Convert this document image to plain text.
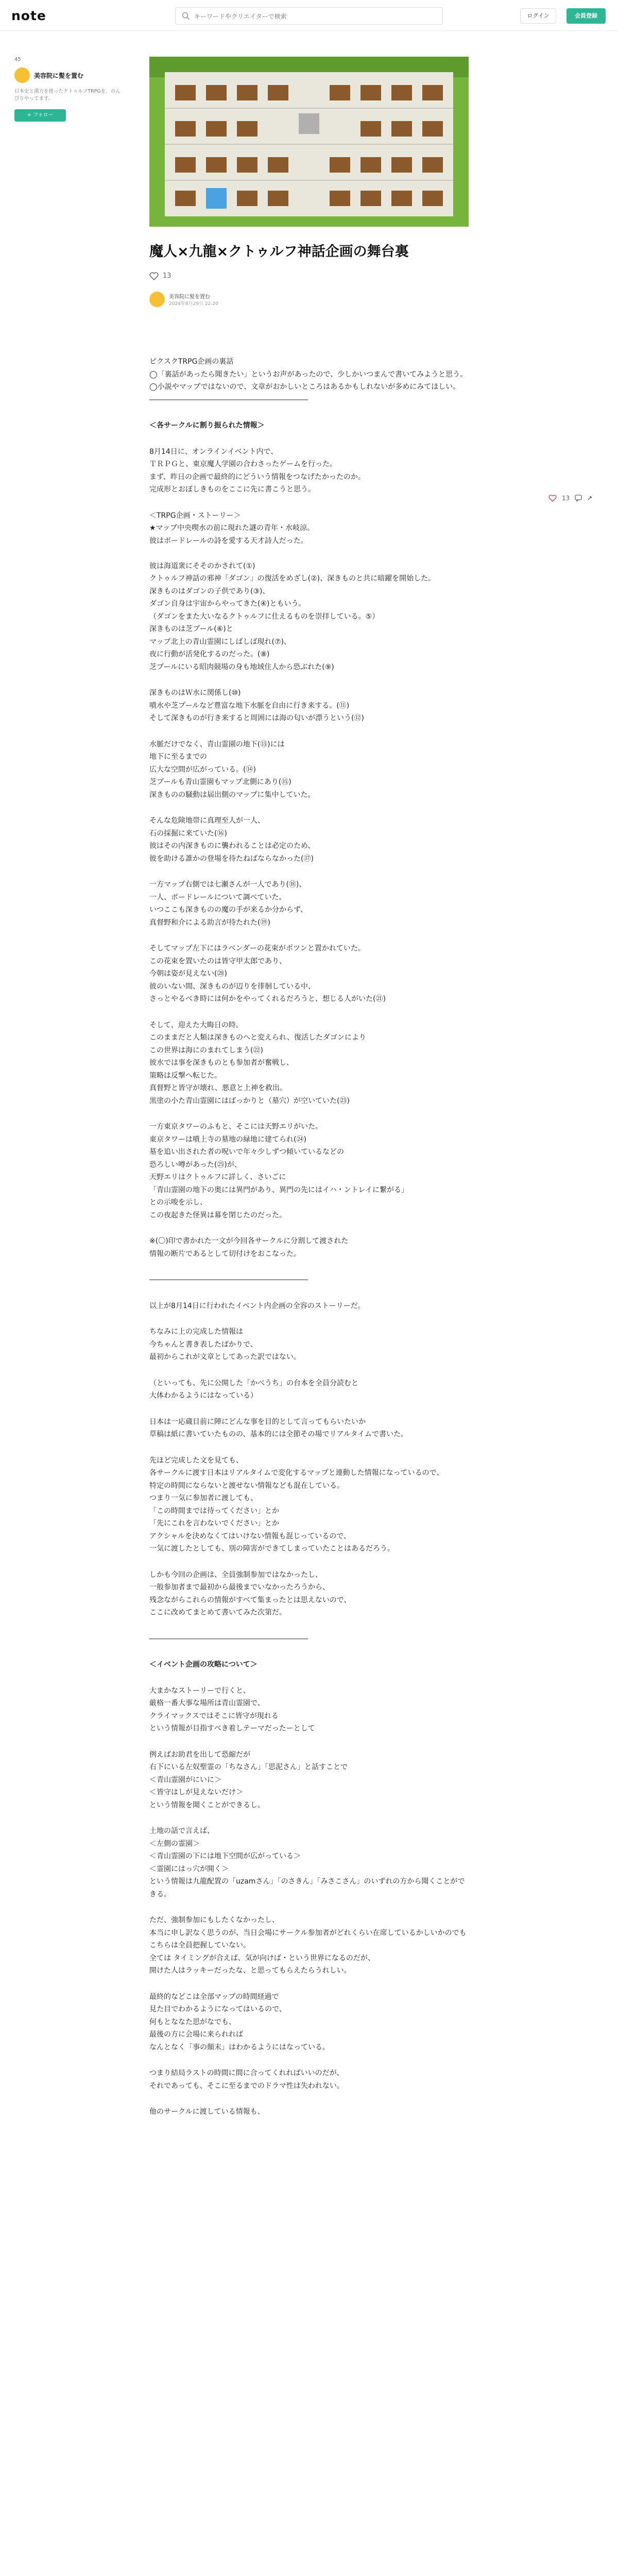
note
キーワードやクリエイターで検索	ログイン	会員登録
45
美容院に髪を置む
日本史と漢方を使ったクトゥルフTRPGを、のんびりやってます。
+ フォロー
魔人×九龍×クトゥルフ神話企画の舞台裏
13
美容院に髪を置む
2024年8月29日 22:20
13

ピクスクTRPG企画の裏話
◯「裏話があったら聞きたい」というお声があったので、少しかいつまんで書いてみようと思う。
◯小説やマップではないので、文章がおかしいところはあるかもしれないが多めにみてほしい。
――――――――――――――――――――――

＜各サークルに割り振られた情報＞

8月14日に、オンラインイベント内で、
ＴＲＰＧと、東京魔人学園の合わさったゲームを行った。
まず、昨日の企画で最終的にどういう情報をつなげたかったのか。
完成形とおぼしきものをここに先に書こうと思う。

＜TRPG企画・ストーリー＞
★マップ中央喫水の前に現れた謎の青年・水岐涼。
彼はボードレールの詩を愛する天才詩人だった。

彼は海道衆にそそのかされて(①)
クトゥルフ神話の邪神「ダゴン」の復活をめざし(②)、深きものと共に暗躍を開始した。
深きものはダゴンの子供であり(③)、
ダゴン自身は宇宙からやってきた(④)ともいう。
（ダゴンをまた大いなるクトゥルフに仕えるものを崇拝している。⑤）
深きものは芝プール(⑥)と
マップ北上の青山霊園にしばしば現れ(⑦)、
夜に行動が活発化するのだった。(⑧)
芝プールにいる昭肉競場の身も地域住人から恐ぶれた(⑨)

深きものはＷ水に関係し(⑩)
噴水や芝プールなど豊富な地下水脈を自由に行き来する。(⑪)
そして深きものが行き来すると周囲には海の匂いが漂うという(⑫)

水脈だけでなく、青山霊園の地下(⑬)には
地下に至るまでの
広大な空間が広がっている。(⑭)
芝プールも青山霊園もマップ北側にあり(⑮)
深きものの騒動は届出側のマップに集中していた。

そんな危険地帯に真理至人が一人、
石の採掘に来ていた(⑯)
彼はその内深きものに襲われることは必定のため、
彼を助ける誰かの登場を待たねばならなかった(⑰)

一方マップ右側では七瀬さんが一人であり(⑱)、
一人、ボードレールについて調べていた。
いつここも深きものの魔の手が来るか分からず、
真督野和介による助言が待たれた(⑲)

そしてマップ左下にはラベンダーの花束がポツンと置かれていた。
この花束を置いたのは皆守甲太郎であり、
今朝は姿が見えない(⑳)
彼のいない間、深きものが辺りを徘徊している中、
さっとやるべき時には何かをやってくれるだろうと、想じる人がいた(㉑)

そして、迎えた大晦日の時。
このままだと人類は深きものへと変えられ、復活したダゴンにより
この世界は海にのまれてしまう(㉒)
彼水では事を深きものとも参加者が奮戦し、
策略は反撃へ転じた。
真督野と皆守が壊れ、悪意と上神を救出。
黒塗の小た青山霊園にはばっかりと（墓穴）が空いていた(㉓)

一方東京タワーのふもと、そこには天野エリがいた。
東京タワーは噴上寺の墓地の緑地に建てられ(㉔)
墓を追い出された者の呪いで年々少しずつ傾いているなどの
恐ろしい噂があった(㉕)が、
天野エリはクトゥルフに詳しく、さいごに
「青山霊園の地下の奥には異門があり、異門の先にはイハ・ントレイに繋がる」
との示唆を示し、
この夜起きた怪異は幕を閉じたのだった。

※(〇)印で書かれた一文が今回各サークルに分割して渡された
情報の断片であるとして切付けをおこなった。

――――――――――――――――――――――

以上が8月14日に行われたイベント内企画の全容のストーリーだ。

ちなみに上の完成した情報は
今ちゃんと書き表したばかりで、
最初からこれが文章としてあった訳ではない。

（といっても、先に公開した「かべうち」の台本を全員分読むと
大体わかるようにはなっている）

日本は一応蔵目前に陣にどんな事を目的として言ってもらいたいか
草稿は紙に書いていたものの、基本的には全節その場でリアルタイムで書いた。

先ほど完成した文を見ても、
各サークルに渡す日本はリアルタイムで変化するマップと連動した情報になっているので、
特定の時間にならないと渡せない情報なども混在している。
つまり一気に参加者に渡しても、
「この時間までは待ってください」とか
「先にこれを言わないでください」とか
アクシャルを決めなくてはいけない情報も混じっているので、
一気に渡したとしても、別の障害ができてしまっていたことはあるだろう。

しかも今回の企画は、全員強制参加ではなかったし、
一般参加者まで最初から最後までいなかったろうから、
残念ながらこれらの情報がすべて集まったとは思えないので、
ここに改めてまとめて書いてみた次第だ。

――――――――――――――――――――――

＜イベント企画の攻略について＞

大まかなストーリーで行くと、
厳格一番大事な場所は青山霊園で、
クライマックスではそこに皆守が現れる
という情報が目指すべき着しテーマだったーとして

例えばお助君を出して恐縮だが
右下にいる左奴聖霊の「ちなさん」「思泥さん」と話すことで
＜青山霊園がにいに＞
＜皆守はしが見えないだけ＞
という情報を聞くことができるし。

土地の話で言えば、
＜左側の霊園＞
＜青山霊園の下には地下空間が広がっている＞
＜霊園にはっ穴が開く＞
という情報は九龍配置の「uzamさん」「のさきん」「みさこさん」のいずれの方から聞くことができる。

ただ、強制参加にもしたくなかったし、
本当に申し訳なく思うのが、当日会場にサークル参加者がどれくらい在席しているかしいかのでもこちらは全員把握していない。
全ては タイミングが合えば、気が向けば・という世界になるのだが、
開けた人はラッキーだったな、と思ってもらえたらうれしい。

最終的などこは全部マップの時間経過で
見た目でわかるようになってはいるので、
何もとななた思がなでも、
最後の方に会場に来られれば
なんとなく「事の顛末」はわかるようにはなっている。

つまり結局ラストの時間に間に合ってくれればいいのだが、
それであっても、そこに至るまでのドラマ性は失われない。

他のサークルに渡している情報も、
